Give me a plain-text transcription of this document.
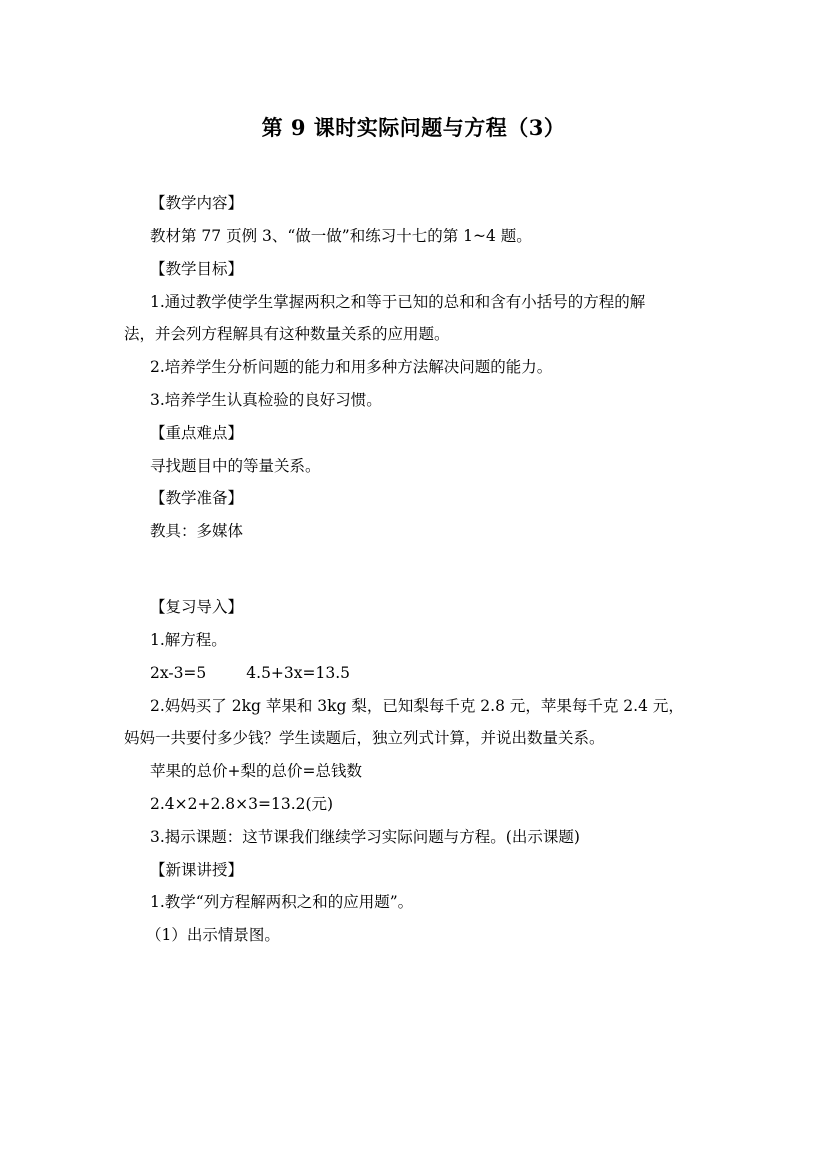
第 9 课时实际问题与方程（3）
【教学内容】
教材第 77 页例 3、“做一做”和练习十七的第 1~4 题。
【教学目标】
1.通过教学使学生掌握两积之和等于已知的总和和含有小括号的方程的解
法，并会列方程解具有这种数量关系的应用题。
2.培养学生分析问题的能力和用多种方法解决问题的能力。
3.培养学生认真检验的良好习惯。
【重点难点】
寻找题目中的等量关系。
【教学准备】
教具：多媒体
【复习导入】
1.解方程。
2x-3=5	4.5+3x=13.5
2.妈妈买了 2kg 苹果和 3kg 梨，已知梨每千克 2.8 元，苹果每千克 2.4 元，
妈妈一共要付多少钱？学生读题后，独立列式计算，并说出数量关系。
苹果的总价+梨的总价=总钱数
2.4×2+2.8×3=13.2(元)
3.揭示课题：这节课我们继续学习实际问题与方程。(出示课题)
【新课讲授】
1.教学“列方程解两积之和的应用题”。
（1）出示情景图。
